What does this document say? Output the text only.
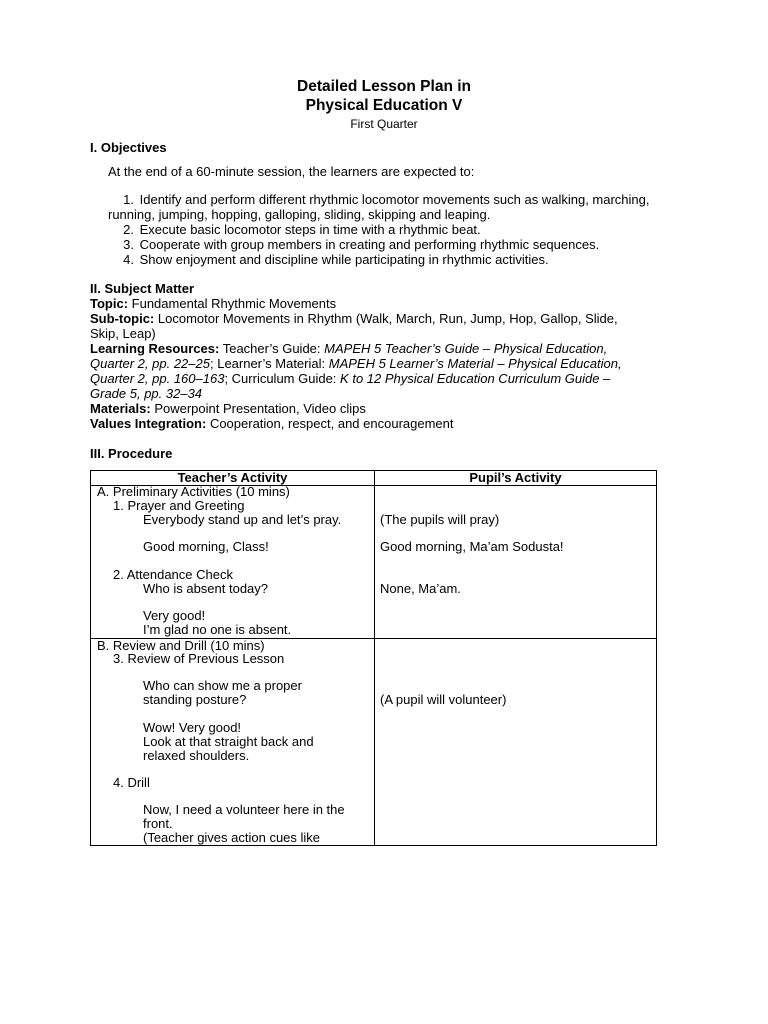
Detailed Lesson Plan in
Physical Education V
First Quarter
I. Objectives
At the end of a 60-minute session, the learners are expected to:
1. Identify and perform different rhythmic locomotor movements such as walking, marching,
running, jumping, hopping, galloping, sliding, skipping and leaping.
2. Execute basic locomotor steps in time with a rhythmic beat.
3. Cooperate with group members in creating and performing rhythmic sequences.
4. Show enjoyment and discipline while participating in rhythmic activities.
II. Subject Matter
Topic: Fundamental Rhythmic Movements
Sub-topic: Locomotor Movements in Rhythm (Walk, March, Run, Jump, Hop, Gallop, Slide,
Skip, Leap)
Learning Resources: Teacher’s Guide: MAPEH 5 Teacher’s Guide – Physical Education,
Quarter 2, pp. 22–25; Learner’s Material: MAPEH 5 Learner’s Material – Physical Education,
Quarter 2, pp. 160–163; Curriculum Guide: K to 12 Physical Education Curriculum Guide –
Grade 5, pp. 32–34
Materials: Powerpoint Presentation, Video clips
Values Integration: Cooperation, respect, and encouragement
III. Procedure
Teacher’s Activity	Pupil’s Activity
A. Preliminary Activities (10 mins)
1. Prayer and Greeting
Everybody stand up and let’s pray.	(The pupils will pray)
Good morning, Class!	Good morning, Ma’am Sodusta!
2. Attendance Check
Who is absent today?	None, Ma’am.
Very good!
I’m glad no one is absent.
B. Review and Drill (10 mins)
3. Review of Previous Lesson
Who can show me a proper
standing posture?	(A pupil will volunteer)
Wow! Very good!
Look at that straight back and
relaxed shoulders.
4. Drill
Now, I need a volunteer here in the
front.
(Teacher gives action cues like
